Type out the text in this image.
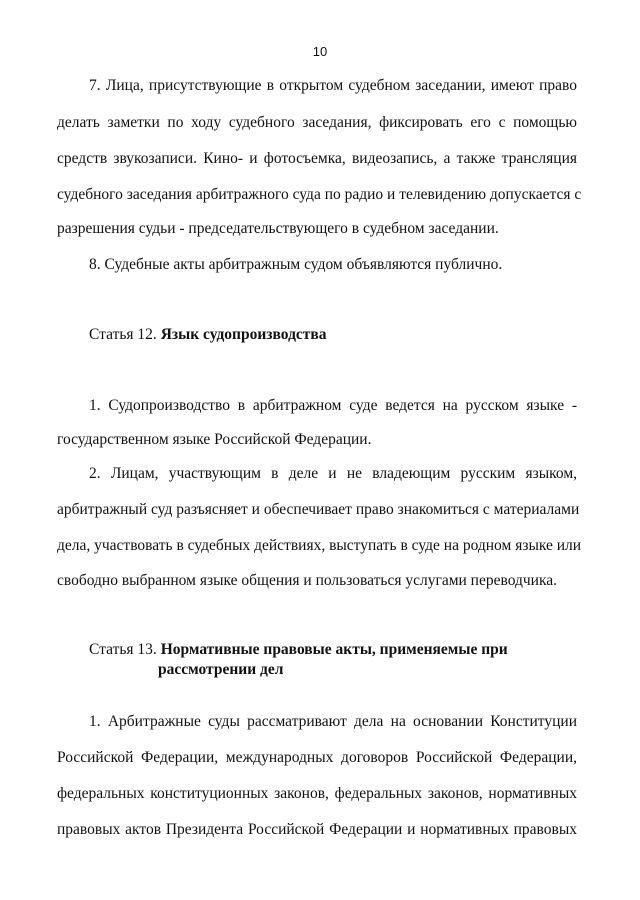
10
7. Лица, присутствующие в открытом судебном заседании, имеют право
делать заметки по ходу судебного заседания, фиксировать его с помощью
средств звукозаписи. Кино- и фотосъемка, видеозапись, а также трансляция
судебного заседания арбитражного суда по радио и телевидению допускается с
разрешения судьи - председательствующего в судебном заседании.
8. Судебные акты арбитражным судом объявляются публично.
Статья 12. Язык судопроизводства
1. Судопроизводство в арбитражном суде ведется на русском языке -
государственном языке Российской Федерации.
2. Лицам, участвующим в деле и не владеющим русским языком,
арбитражный суд разъясняет и обеспечивает право знакомиться с материалами
дела, участвовать в судебных действиях, выступать в суде на родном языке или
свободно выбранном языке общения и пользоваться услугами переводчика.
Статья 13. Нормативные правовые акты, применяемые при
рассмотрении дел
1. Арбитражные суды рассматривают дела на основании Конституции
Российской Федерации, международных договоров Российской Федерации,
федеральных конституционных законов, федеральных законов, нормативных
правовых актов Президента Российской Федерации и нормативных правовых
